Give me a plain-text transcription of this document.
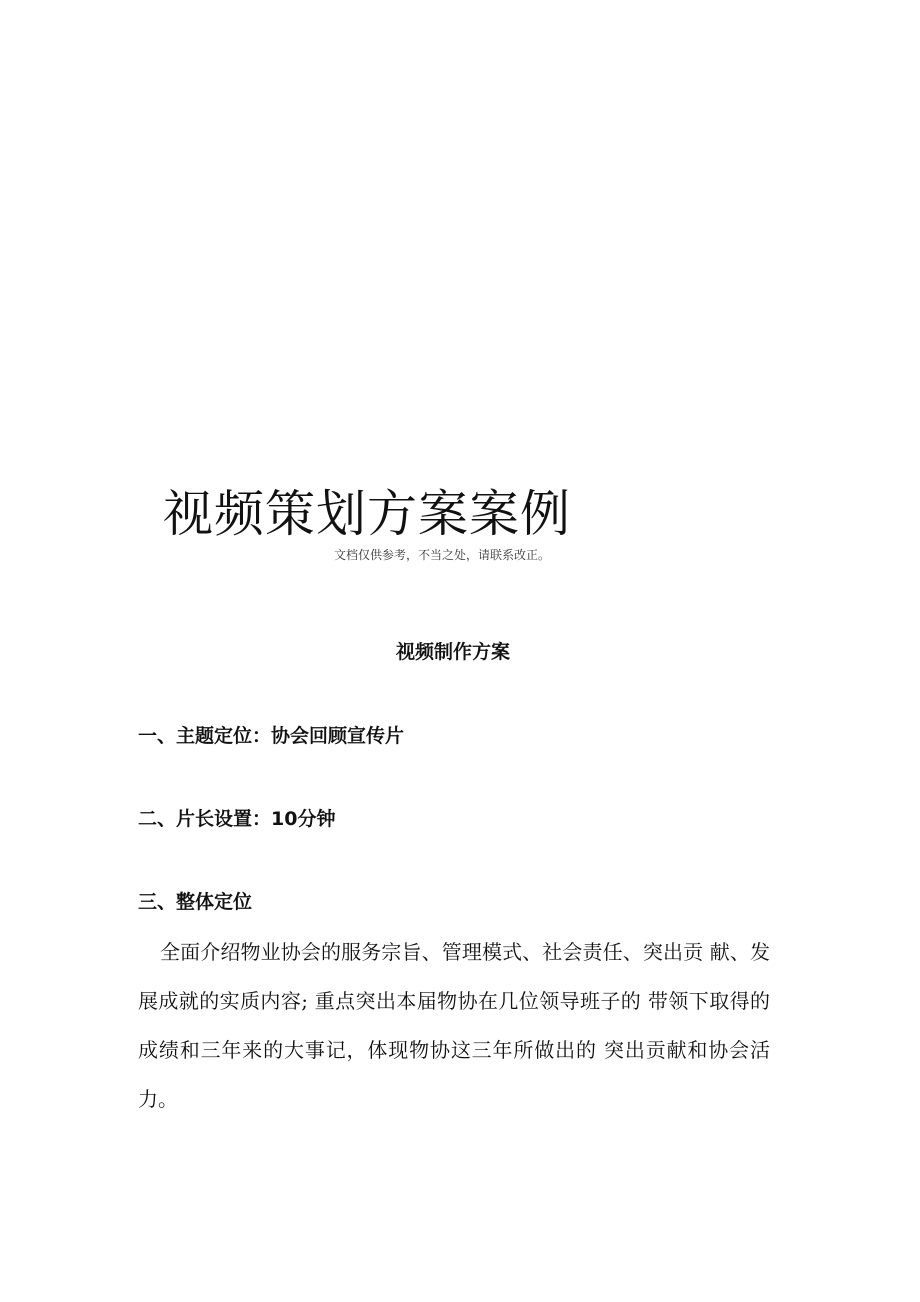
视频策划方案案例
文档仅供参考，不当之处，请联系改正。
视频制作方案
一、主题定位：协会回顾宣传片
二、片长设置：10分钟
三、整体定位

全面介绍物业协会的服务宗旨、管理模式、社会责任、突出贡 献、发展成就的实质内容; 重点突出本届物协在几位领导班子的 带领下取得的成绩和三年来的大事记，体现物协这三年所做出的 突出贡献和协会活力。
